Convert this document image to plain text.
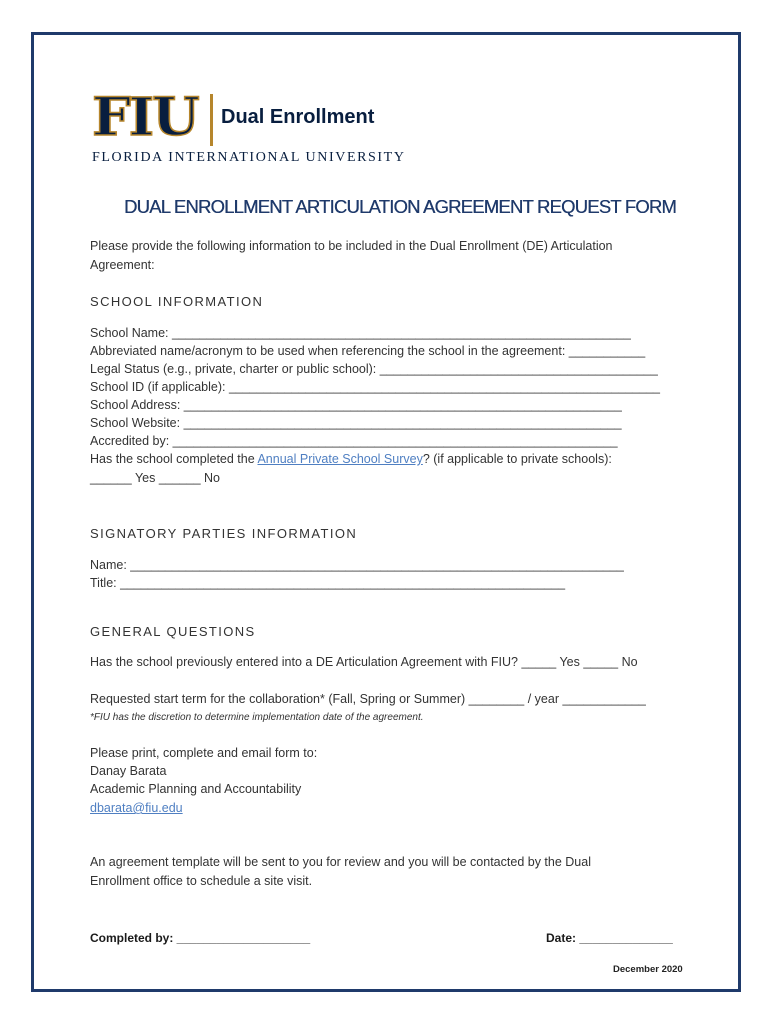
FIU Dual Enrollment
FLORIDA INTERNATIONAL UNIVERSITY
DUAL ENROLLMENT ARTICULATION AGREEMENT REQUEST FORM
Please provide the following information to be included in the Dual Enrollment (DE) Articulation
Agreement:
SCHOOL INFORMATION
School Name: __________________________________________________________________
Abbreviated name/acronym to be used when referencing the school in the agreement: ___________
Legal Status (e.g., private, charter or public school): ________________________________________
School ID (if applicable): ______________________________________________________________
School Address: _______________________________________________________________
School Website: _______________________________________________________________
Accredited by: ________________________________________________________________
Has the school completed the Annual Private School Survey? (if applicable to private schools):
______ Yes ______ No
SIGNATORY PARTIES INFORMATION
Name: _______________________________________________________________________
Title: ________________________________________________________________
GENERAL QUESTIONS
Has the school previously entered into a DE Articulation Agreement with FIU? _____ Yes _____ No
Requested start term for the collaboration* (Fall, Spring or Summer) ________ / year ____________
*FIU has the discretion to determine implementation date of the agreement.
Please print, complete and email form to:
Danay Barata
Academic Planning and Accountability
dbarata@fiu.edu
An agreement template will be sent to you for review and you will be contacted by the Dual
Enrollment office to schedule a site visit.
Completed by: ____________________	Date: ______________
December 2020
